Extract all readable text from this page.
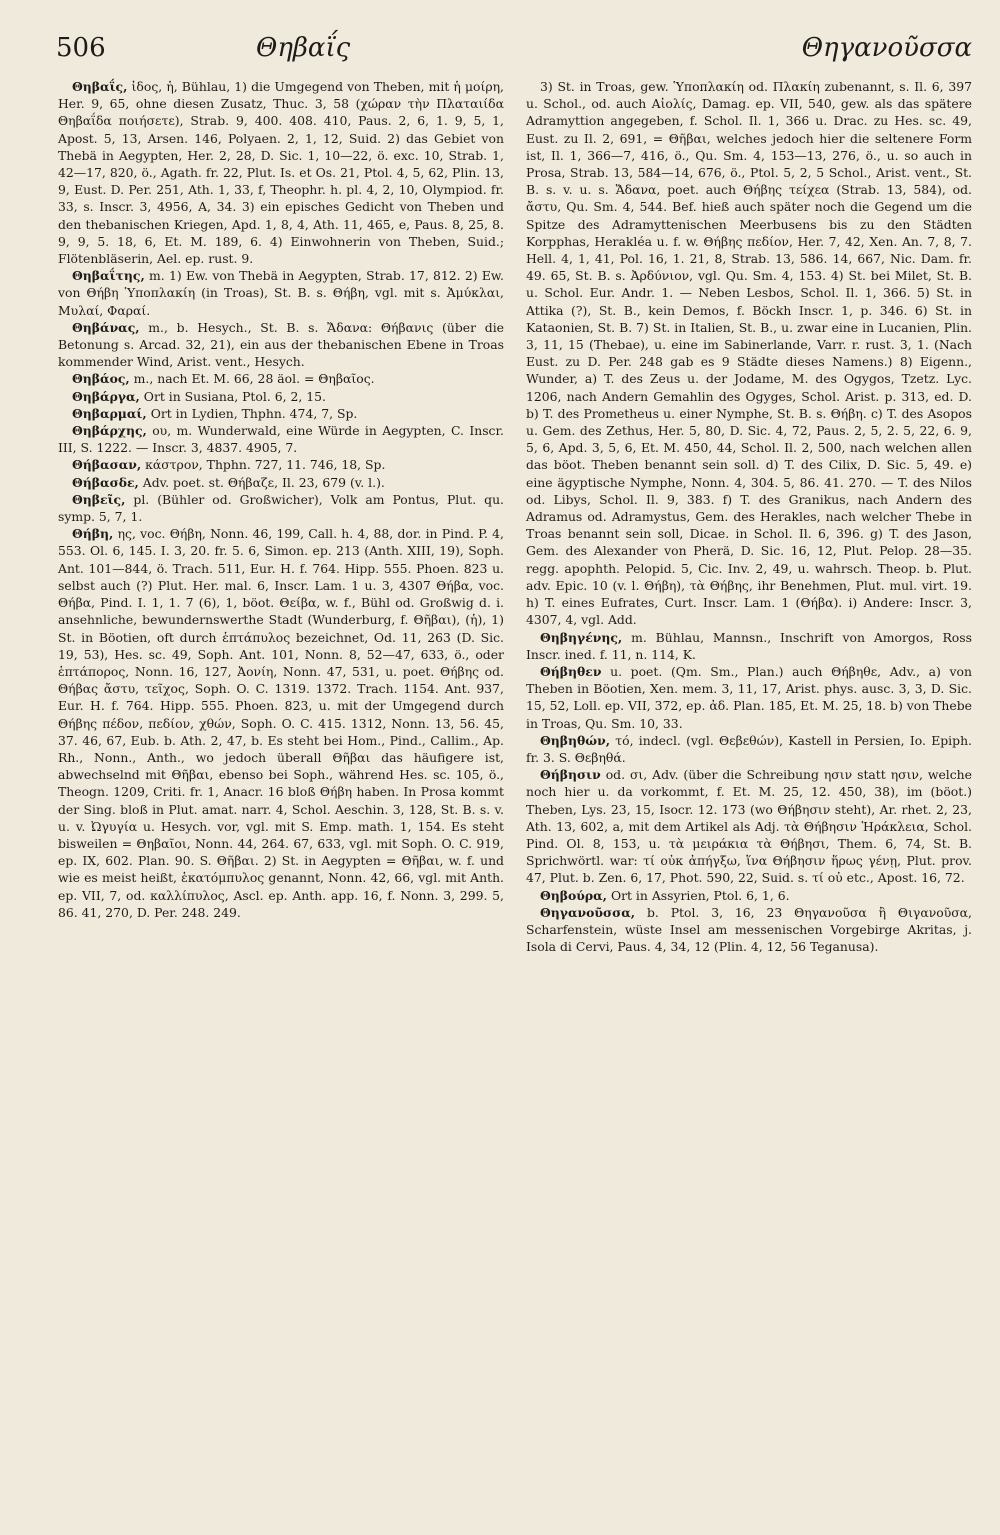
506	Θηβαΐς	Θηγανοῦσσα

Θηβαΐς, ἰδος, ἡ, Bühlau, 1) die Umgegend von Theben, mit ἡ μοίρη, Her. 9, 65, ohne diesen Zusatz, Thuc. 3, 58 (χώραν τὴν Πλαταιίδα Θηβαΐδα ποιήσετε), Strab. 9, 400. 408. 410, Paus. 2, 6, 1. 9, 5, 1, Apost. 5, 13, Arsen. 146, Polyaen. 2, 1, 12, Suid. 2) das Gebiet von Thebä in Aegypten, Her. 2, 28, D. Sic. 1, 10—22, ö. exc. 10, Strab. 1, 42—17, 820, ö., Agath. fr. 22, Plut. Is. et Os. 21, Ptol. 4, 5, 62, Plin. 13, 9, Eust. D. Per. 251, Ath. 1, 33, f, Theophr. h. pl. 4, 2, 10, Olympiod. fr. 33, s. Inscr. 3, 4956, A, 34. 3) ein episches Gedicht von Theben und den thebanischen Kriegen, Apd. 1, 8, 4, Ath. 11, 465, e, Paus. 8, 25, 8. 9, 9, 5. 18, 6, Et. M. 189, 6. 4) Einwohnerin von Theben, Suid.; Flötenbläserin, Ael. ep. rust. 9.

Θηβαΐτης, m. 1) Ew. von Thebä in Aegypten, Strab. 17, 812. 2) Ew. von Θήβη Ὑποπλακίη (in Troas), St. B. s. Θήβη, vgl. mit s. Ἀμύκλαι, Μυλαί, Φαραί.

Θηβάνας, m., b. Hesych., St. B. s. Ἄδανα: Θήβανις (über die Betonung s. Arcad. 32, 21), ein aus der thebanischen Ebene in Troas kommender Wind, Arist. vent., Hesych.

Θηβάος, m., nach Et. M. 66, 28 äol. = Θηβαῖος.

Θηβάργα, Ort in Susiana, Ptol. 6, 2, 15.

Θηβαρμαί, Ort in Lydien, Thphn. 474, 7, Sp.

Θηβάρχης, ου, m. Wunderwald, eine Würde in Aegypten, C. Inscr. III, S. 1222. — Inscr. 3, 4837. 4905, 7.

Θήβασαν, κάστρον, Thphn. 727, 11. 746, 18, Sp.

Θήβασδε, Adv. poet. st. Θήβαζε, Il. 23, 679 (v. l.).

Θηβεῖς, pl. (Bühler od. Großwicher), Volk am Pontus, Plut. qu. symp. 5, 7, 1.

Θήβη, ης, voc. Θήβη, Nonn. 46, 199, Call. h. 4, 88, dor. in Pind. P. 4, 553. Ol. 6, 145. I. 3, 20. fr. 5. 6, Simon. ep. 213 (Anth. XIII, 19), Soph. Ant. 101—844, ö. Trach. 511, Eur. H. f. 764. Hipp. 555. Phoen. 823 u. selbst auch (?) Plut. Her. mal. 6, Inscr. Lam. 1 u. 3, 4307 Θήβα, voc. Θήβα, Pind. I. 1, 1. 7 (6), 1, böot. Θείβα, w. f., Bühl od. Großwig d. i. ansehnliche, bewundernswerthe Stadt (Wunderburg, f. Θῆβαι), (ἡ), 1) St. in Böotien, oft durch ἑπτάπυλος bezeichnet, Od. 11, 263 (D. Sic. 19, 53), Hes. sc. 49, Soph. Ant. 101, Nonn. 8, 52—47, 633, ö., oder ἑπτάπορος, Nonn. 16, 127, Ἀονίη, Nonn. 47, 531, u. poet. Θήβης od. Θήβας ἄστυ, τεῖχος, Soph. O. C. 1319. 1372. Trach. 1154. Ant. 937, Eur. H. f. 764. Hipp. 555. Phoen. 823, u. mit der Umgegend durch Θήβης πέδον, πεδίον, χθών, Soph. O. C. 415. 1312, Nonn. 13, 56. 45, 37. 46, 67, Eub. b. Ath. 2, 47, b. Es steht bei Hom., Pind., Callim., Ap. Rh., Nonn., Anth., wo jedoch überall Θῆβαι das häufigere ist, abwechselnd mit Θῆβαι, ebenso bei Soph., während Hes. sc. 105, ö., Theogn. 1209, Criti. fr. 1, Anacr. 16 bloß Θήβη haben. In Prosa kommt der Sing. bloß in Plut. amat. narr. 4, Schol. Aeschin. 3, 128, St. B. s. v. u. v. Ὠγυγία u. Hesych. vor, vgl. mit S. Emp. math. 1, 154. Es steht bisweilen = Θηβαῖοι, Nonn. 44, 264. 67, 633, vgl. mit Soph. O. C. 919, ep. IX, 602. Plan. 90. S. Θῆβαι. 2) St. in Aegypten = Θῆβαι, w. f. und wie es meist heißt, ἑκατόμπυλος genannt, Nonn. 42, 66, vgl. mit Anth. ep. VII, 7, od. καλλίπυλος, Ascl. ep. Anth. app. 16, f. Nonn. 3, 299. 5, 86. 41, 270, D. Per. 248. 249.

3) St. in Troas, gew. Ὑποπλακίη od. Πλακίη zubenannt, s. Il. 6, 397 u. Schol., od. auch Αἰολίς, Damag. ep. VII, 540, gew. als das spätere Adramyttion angegeben, f. Schol. Il. 1, 366 u. Drac. zu Hes. sc. 49, Eust. zu Il. 2, 691, = Θῆβαι, welches jedoch hier die seltenere Form ist, Il. 1, 366—7, 416, ö., Qu. Sm. 4, 153—13, 276, ö., u. so auch in Prosa, Strab. 13, 584—14, 676, ö., Ptol. 5, 2, 5 Schol., Arist. vent., St. B. s. v. u. s. Ἄδανα, poet. auch Θήβης τείχεα (Strab. 13, 584), od. ἄστυ, Qu. Sm. 4, 544. Bef. hieß auch später noch die Gegend um die Spitze des Adramyttenischen Meerbusens bis zu den Städten Korpphas, Herakléa u. f. w. Θήβης πεδίον, Her. 7, 42, Xen. An. 7, 8, 7. Hell. 4, 1, 41, Pol. 16, 1. 21, 8, Strab. 13, 586. 14, 667, Nic. Dam. fr. 49. 65, St. B. s. Ἀρδύνιον, vgl. Qu. Sm. 4, 153. 4) St. bei Milet, St. B. u. Schol. Eur. Andr. 1. — Neben Lesbos, Schol. Il. 1, 366. 5) St. in Attika (?), St. B., kein Demos, f. Böckh Inscr. 1, p. 346. 6) St. in Kataonien, St. B. 7) St. in Italien, St. B., u. zwar eine in Lucanien, Plin. 3, 11, 15 (Thebae), u. eine im Sabinerlande, Varr. r. rust. 3, 1. (Nach Eust. zu D. Per. 248 gab es 9 Städte dieses Namens.) 8) Eigenn., Wunder, a) T. des Zeus u. der Jodame, M. des Ogygos, Tzetz. Lyc. 1206, nach Andern Gemahlin des Ogyges, Schol. Arist. p. 313, ed. D. b) T. des Prometheus u. einer Nymphe, St. B. s. Θήβη. c) T. des Asopos u. Gem. des Zethus, Her. 5, 80, D. Sic. 4, 72, Paus. 2, 5, 2. 5, 22, 6. 9, 5, 6, Apd. 3, 5, 6, Et. M. 450, 44, Schol. Il. 2, 500, nach welchen allen das böot. Theben benannt sein soll. d) T. des Cilix, D. Sic. 5, 49. e) eine ägyptische Nymphe, Nonn. 4, 304. 5, 86. 41. 270. — T. des Nilos od. Libys, Schol. Il. 9, 383. f) T. des Granikus, nach Andern des Adramus od. Adramystus, Gem. des Herakles, nach welcher Thebe in Troas benannt sein soll, Dicae. in Schol. Il. 6, 396. g) T. des Jason, Gem. des Alexander von Pherä, D. Sic. 16, 12, Plut. Pelop. 28—35. regg. apophth. Pelopid. 5, Cic. Inv. 2, 49, u. wahrsch. Theop. b. Plut. adv. Epic. 10 (v. l. Θήβη), τὰ Θήβης, ihr Benehmen, Plut. mul. virt. 19. h) T. eines Eufrates, Curt. Inscr. Lam. 1 (Θήβα). i) Andere: Inscr. 3, 4307, 4, vgl. Add.

Θηβηγένης, m. Bühlau, Mannsn., Inschrift von Amorgos, Ross Inscr. ined. f. 11, n. 114, K.

Θήβηθεν u. poet. (Qm. Sm., Plan.) auch Θήβηθε, Adv., a) von Theben in Böotien, Xen. mem. 3, 11, 17, Arist. phys. ausc. 3, 3, D. Sic. 15, 52, Loll. ep. VII, 372, ep. ἀδ. Plan. 185, Et. M. 25, 18. b) von Thebe in Troas, Qu. Sm. 10, 33.

Θηβηθών, τό, indecl. (vgl. Θεβεθών), Kastell in Persien, Io. Epiph. fr. 3. S. Θεβηθά.

Θήβησιν od. σι, Adv. (über die Schreibung ησιν statt ησιν, welche noch hier u. da vorkommt, f. Et. M. 25, 12. 450, 38), im (böot.) Theben, Lys. 23, 15, Isocr. 12. 173 (wo Θήβησιν steht), Ar. rhet. 2, 23, Ath. 13, 602, a, mit dem Artikel als Adj. τὰ Θήβησιν Ἡράκλεια, Schol. Pind. Ol. 8, 153, u. τὰ μειράκια τὰ Θήβησι, Them. 6, 74, St. B. Sprichwörtl. war: τί οὐκ ἀπήγξω, ἵνα Θήβησιν ἥρως γένῃ, Plut. prov. 47, Plut. b. Zen. 6, 17, Phot. 590, 22, Suid. s. τί οὐ etc., Apost. 16, 72.

Θηβούρα, Ort in Assyrien, Ptol. 6, 1, 6.

Θηγανοῦσσα, b. Ptol. 3, 16, 23 Θηγανοῦσα ἢ Θιγανοῦσα, Scharfenstein, wüste Insel am messenischen Vorgebirge Akritas, j. Isola di Cervi, Paus. 4, 34, 12 (Plin. 4, 12, 56 Teganusa).
